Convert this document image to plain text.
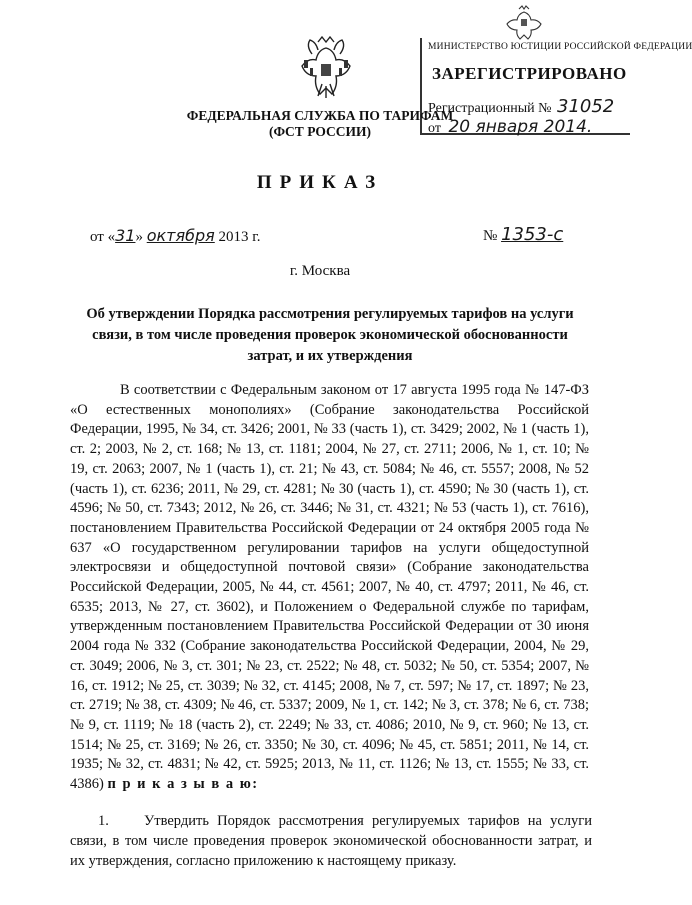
МИНИСТЕРСТВО ЮСТИЦИИ РОССИЙСКОЙ ФЕДЕРАЦИИ
ЗАРЕГИСТРИРОВАНО
Регистрационный № 31052
от 20 января 2014.
ФЕДЕРАЛЬНАЯ СЛУЖБА ПО ТАРИФАМ
(ФСТ РОССИИ)
ПРИКАЗ
от «31» октября 2013 г.	№ 1353-с
г. Москва
Об утверждении Порядка рассмотрения регулируемых тарифов на услуги связи, в том числе проведения проверок экономической обоснованности затрат, и их утверждения

В соответствии с Федеральным законом от 17 августа 1995 года № 147-ФЗ «О естественных монополиях» (Собрание законодательства Российской Федерации, 1995, № 34, ст. 3426; 2001, № 33 (часть 1), ст. 3429; 2002, № 1 (часть 1), ст. 2; 2003, № 2, ст. 168; № 13, ст. 1181; 2004, № 27, ст. 2711; 2006, № 1, ст. 10; № 19, ст. 2063; 2007, № 1 (часть 1), ст. 21; № 43, ст. 5084; № 46, ст. 5557; 2008, № 52 (часть 1), ст. 6236; 2011, № 29, ст. 4281; № 30 (часть 1), ст. 4590; № 30 (часть 1), ст. 4596; № 50, ст. 7343; 2012, № 26, ст. 3446; № 31, ст. 4321; № 53 (часть 1), ст. 7616), постановлением Правительства Российской Федерации от 24 октября 2005 года № 637 «О государственном регулировании тарифов на услуги общедоступной электросвязи и общедоступной почтовой связи» (Собрание законодательства Российской Федерации, 2005, № 44, ст. 4561; 2007, № 40, ст. 4797; 2011, № 46, ст. 6535; 2013, № 27, ст. 3602), и Положением о Федеральной службе по тарифам, утвержденным постановлением Правительства Российской Федерации от 30 июня 2004 года № 332 (Собрание законодательства Российской Федерации, 2004, № 29, ст. 3049; 2006, № 3, ст. 301; № 23, ст. 2522; № 48, ст. 5032; № 50, ст. 5354; 2007, № 16, ст. 1912; № 25, ст. 3039; № 32, ст. 4145; 2008, № 7, ст. 597; № 17, ст. 1897; № 23, ст. 2719; № 38, ст. 4309; № 46, ст. 5337; 2009, № 1, ст. 142; № 3, ст. 378; № 6, ст. 738; № 9, ст. 1119; № 18 (часть 2), ст. 2249; № 33, ст. 4086; 2010, № 9, ст. 960; № 13, ст. 1514; № 25, ст. 3169; № 26, ст. 3350; № 30, ст. 4096; № 45, ст. 5851; 2011, № 14, ст. 1935; № 32, ст. 4831; № 42, ст. 5925; 2013, № 11, ст. 1126; № 13, ст. 1555; № 33, ст. 4386) п р и к а з ы в а ю:

1. Утвердить Порядок рассмотрения регулируемых тарифов на услуги связи, в том числе проведения проверок экономической обоснованности затрат, и их утверждения, согласно приложению к настоящему приказу.
